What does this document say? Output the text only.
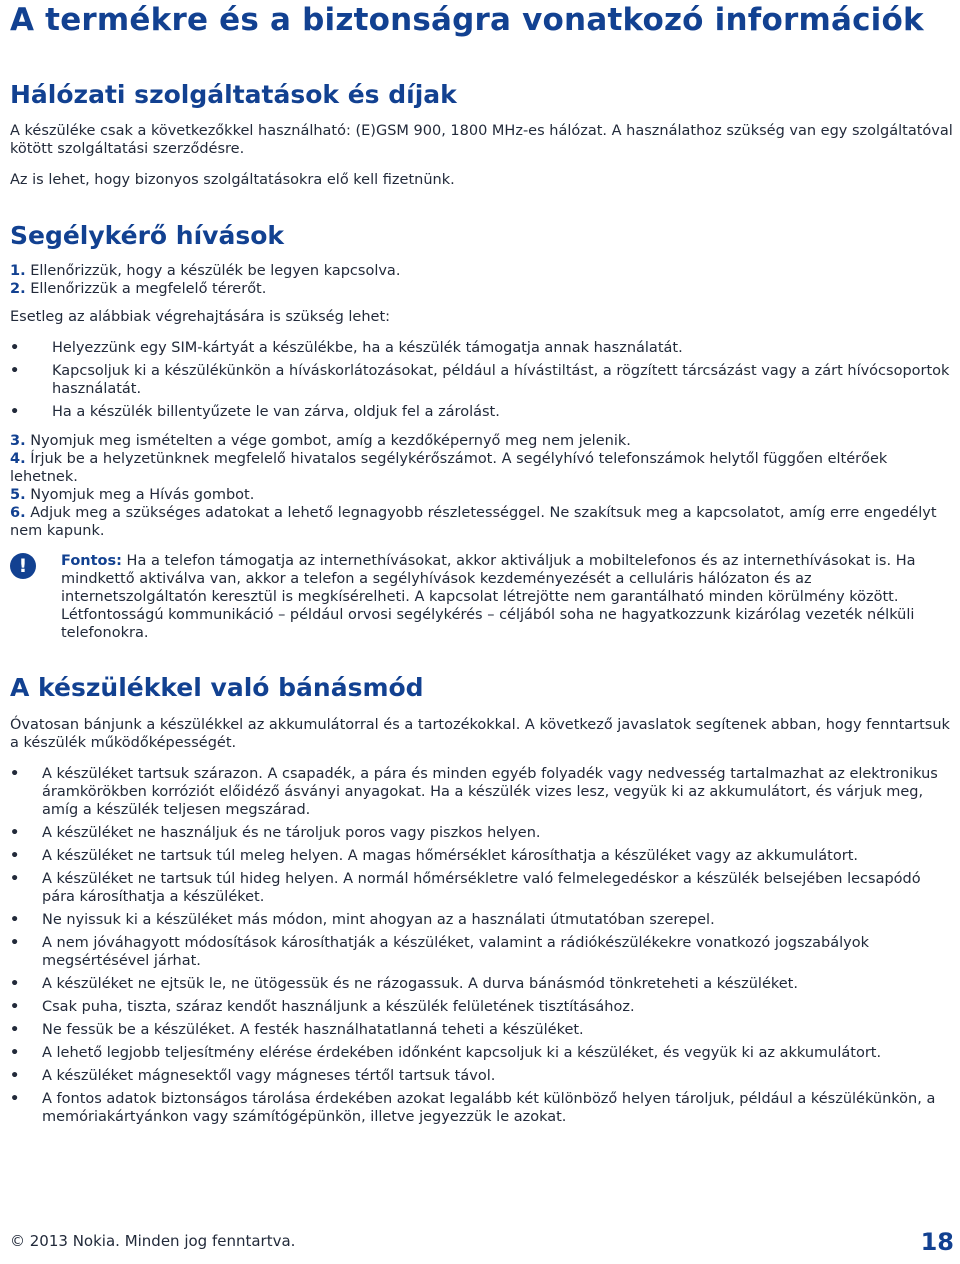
A termékre és a biztonságra vonatkozó információk
Hálózati szolgáltatások és díjak

A készüléke csak a következőkkel használható: (E)GSM 900, 1800 MHz-es hálózat. A használathoz szükség van egy szolgáltatóval kötött szolgáltatási szerződésre.

Az is lehet, hogy bizonyos szolgáltatásokra elő kell fizetnünk.

Segélykérő hívások
1. Ellenőrizzük, hogy a készülék be legyen kapcsolva.
2. Ellenőrizzük a megfelelő térerőt.

Esetleg az alábbiak végrehajtására is szükség lehet:

• Helyezzünk egy SIM-kártyát a készülékbe, ha a készülék támogatja annak használatát.
• Kapcsoljuk ki a készülékünkön a híváskorlátozásokat, például a hívástiltást, a rögzített tárcsázást vagy a zárt hívócsoportok használatát.
• Ha a készülék billentyűzete le van zárva, oldjuk fel a zárolást.
3. Nyomjuk meg ismételten a vége gombot, amíg a kezdőképernyő meg nem jelenik.
4. Írjuk be a helyzetünknek megfelelő hivatalos segélykérőszámot. A segélyhívó telefonszámok helytől függően eltérőek lehetnek.
5. Nyomjuk meg a Hívás gombot.
6. Adjuk meg a szükséges adatokat a lehető legnagyobb részletességgel. Ne szakítsuk meg a kapcsolatot, amíg erre engedélyt nem kapunk.
!	Fontos: Ha a telefon támogatja az internethívásokat, akkor aktiváljuk a mobiltelefonos és az internethívásokat is. Ha mindkettő aktiválva van, akkor a telefon a segélyhívások kezdeményezését a celluláris hálózaton és az internetszolgáltatón keresztül is megkísérelheti. A kapcsolat létrejötte nem garantálható minden körülmény között. Létfontosságú kommunikáció – például orvosi segélykérés – céljából soha ne hagyatkozzunk kizárólag vezeték nélküli telefonokra.
A készülékkel való bánásmód

Óvatosan bánjunk a készülékkel az akkumulátorral és a tartozékokkal. A következő javaslatok segítenek abban, hogy fenntartsuk a készülék működőképességét.

• A készüléket tartsuk szárazon. A csapadék, a pára és minden egyéb folyadék vagy nedvesség tartalmazhat az elektronikus áramkörökben korróziót előidéző ásványi anyagokat. Ha a készülék vizes lesz, vegyük ki az akkumulátort, és várjuk meg, amíg a készülék teljesen megszárad.
• A készüléket ne használjuk és ne tároljuk poros vagy piszkos helyen.
• A készüléket ne tartsuk túl meleg helyen. A magas hőmérséklet károsíthatja a készüléket vagy az akkumulátort.
• A készüléket ne tartsuk túl hideg helyen. A normál hőmérsékletre való felmelegedéskor a készülék belsejében lecsapódó pára károsíthatja a készüléket.
• Ne nyissuk ki a készüléket más módon, mint ahogyan az a használati útmutatóban szerepel.
• A nem jóváhagyott módosítások károsíthatják a készüléket, valamint a rádiókészülékekre vonatkozó jogszabályok megsértésével járhat.
• A készüléket ne ejtsük le, ne ütögessük és ne rázogassuk. A durva bánásmód tönkreteheti a készüléket.
• Csak puha, tiszta, száraz kendőt használjunk a készülék felületének tisztításához.
• Ne fessük be a készüléket. A festék használhatatlanná teheti a készüléket.
• A lehető legjobb teljesítmény elérése érdekében időnként kapcsoljuk ki a készüléket, és vegyük ki az akkumulátort.
• A készüléket mágnesektől vagy mágneses tértől tartsuk távol.
• A fontos adatok biztonságos tárolása érdekében azokat legalább két különböző helyen tároljuk, például a készülékünkön, a memóriakártyánkon vagy számítógépünkön, illetve jegyezzük le azokat.
© 2013 Nokia. Minden jog fenntartva.	18
